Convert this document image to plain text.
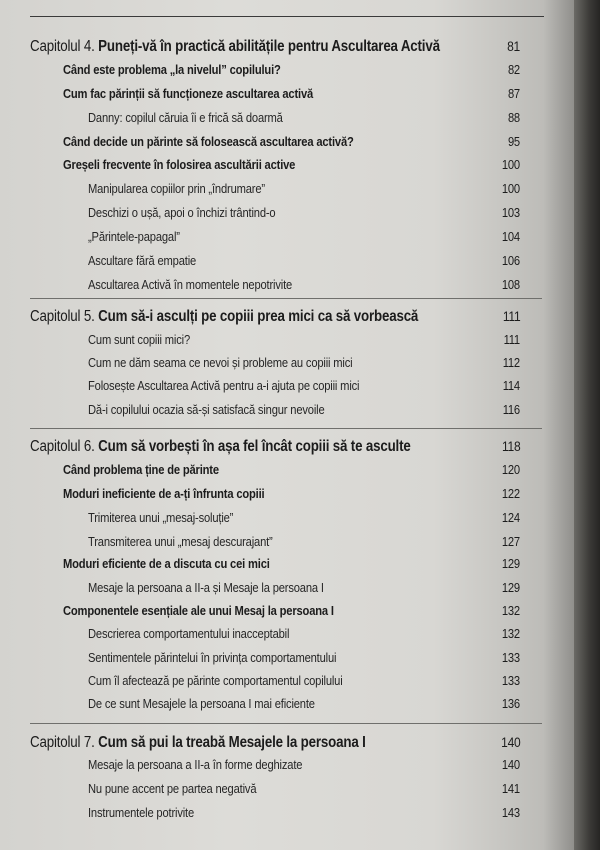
Capitolul 4. Puneți-vă în practică abilitățile pentru Ascultarea Activă	81
Când este problema „la nivelul” copilului?	82
Cum fac părinții să funcționeze ascultarea activă	87
Danny: copilul căruia îi e frică să doarmă	88
Când decide un părinte să folosească ascultarea activă?	95
Greșeli frecvente în folosirea ascultării active	100
Manipularea copiilor prin „îndrumare”	100
Deschizi o ușă, apoi o închizi trântind-o	103
„Părintele-papagal”	104
Ascultare fără empatie	106
Ascultarea Activă în momentele nepotrivite	108
Capitolul 5. Cum să-i asculți pe copiii prea mici ca să vorbească	111
Cum sunt copiii mici?	111
Cum ne dăm seama ce nevoi și probleme au copiii mici	112
Folosește Ascultarea Activă pentru a-i ajuta pe copiii mici	114
Dă-i copilului ocazia să-și satisfacă singur nevoile	116
Capitolul 6. Cum să vorbești în așa fel încât copiii să te asculte	118
Când problema ține de părinte	120
Moduri ineficiente de a-ți înfrunta copiii	122
Trimiterea unui „mesaj-soluție”	124
Transmiterea unui „mesaj descurajant”	127
Moduri eficiente de a discuta cu cei mici	129
Mesaje la persoana a II-a și Mesaje la persoana I	129
Componentele esențiale ale unui Mesaj la persoana I	132
Descrierea comportamentului inacceptabil	132
Sentimentele părintelui în privința comportamentului	133
Cum îl afectează pe părinte comportamentul copilului	133
De ce sunt Mesajele la persoana I mai eficiente	136
Capitolul 7. Cum să pui la treabă Mesajele la persoana I	140
Mesaje la persoana a II-a în forme deghizate	140
Nu pune accent pe partea negativă	141
Instrumentele potrivite	143
